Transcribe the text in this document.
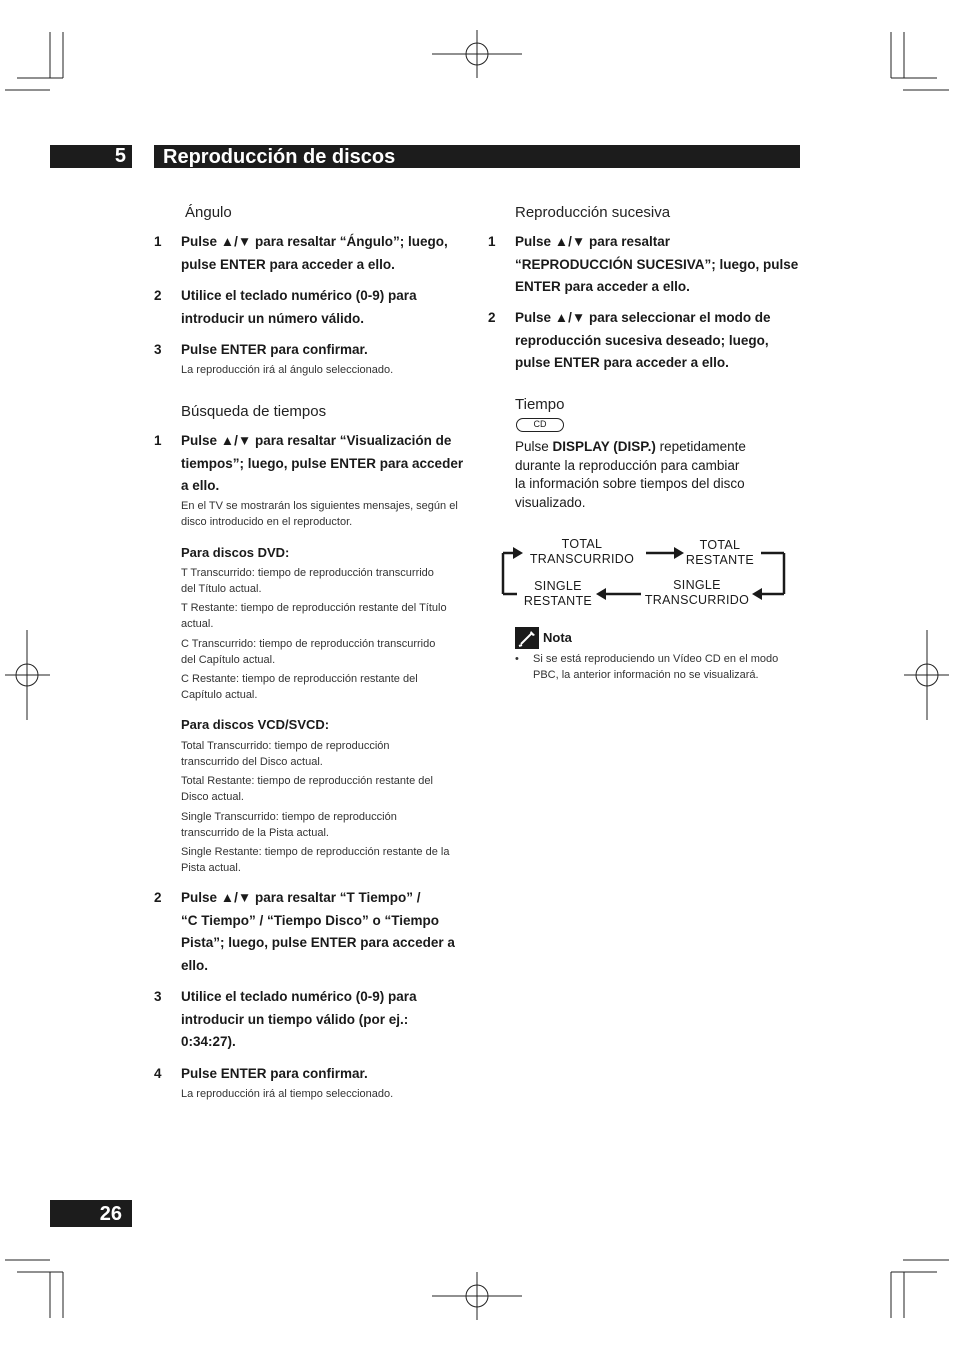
5	Reproducción de discos
Ángulo
1 Pulse ▲/▼ para resaltar “Ángulo”; luego,
pulse ENTER para acceder a ello.
2 Utilice el teclado numérico (0-9) para
introducir un número válido.
3 Pulse ENTER para confirmar.
La reproducción irá al ángulo seleccionado.
Búsqueda de tiempos
1 Pulse ▲/▼ para resaltar “Visualización de
tiempos”; luego, pulse ENTER para acceder
a ello.
En el TV se mostrarán los siguientes mensajes, según el
disco introducido en el reproductor.
Para discos DVD:
T Transcurrido: tiempo de reproducción transcurrido
del Título actual.
T Restante: tiempo de reproducción restante del Título
actual.
C Transcurrido: tiempo de reproducción transcurrido
del Capítulo actual.
C Restante: tiempo de reproducción restante del
Capítulo actual.
Para discos VCD/SVCD:
Total Transcurrido: tiempo de reproducción
transcurrido del Disco actual.
Total Restante: tiempo de reproducción restante del
Disco actual.
Single Transcurrido: tiempo de reproducción
transcurrido de la Pista actual.
Single Restante: tiempo de reproducción restante de la
Pista actual.
2 Pulse ▲/▼ para resaltar “T Tiempo” /
“C Tiempo” / “Tiempo Disco” o “Tiempo
Pista”; luego, pulse ENTER para acceder a
ello.
3 Utilice el teclado numérico (0-9) para
introducir un tiempo válido (por ej.:
0:34:27).
4 Pulse ENTER para confirmar.
La reproducción irá al tiempo seleccionado.
Reproducción sucesiva
1 Pulse ▲/▼ para resaltar
“REPRODUCCIÓN SUCESIVA”; luego, pulse
ENTER para acceder a ello.
2 Pulse ▲/▼ para seleccionar el modo de
reproducción sucesiva deseado; luego,
pulse ENTER para acceder a ello.
Tiempo
CD
Pulse DISPLAY (DISP.) repetidamente
durante la reproducción para cambiar
la información sobre tiempos del disco
visualizado.
TOTAL
TRANSCURRIDO
TOTAL
RESTANTE
SINGLE
RESTANTE
SINGLE
TRANSCURRIDO
Nota
• Si se está reproduciendo un Vídeo CD en el modo
PBC, la anterior información no se visualizará.
26
